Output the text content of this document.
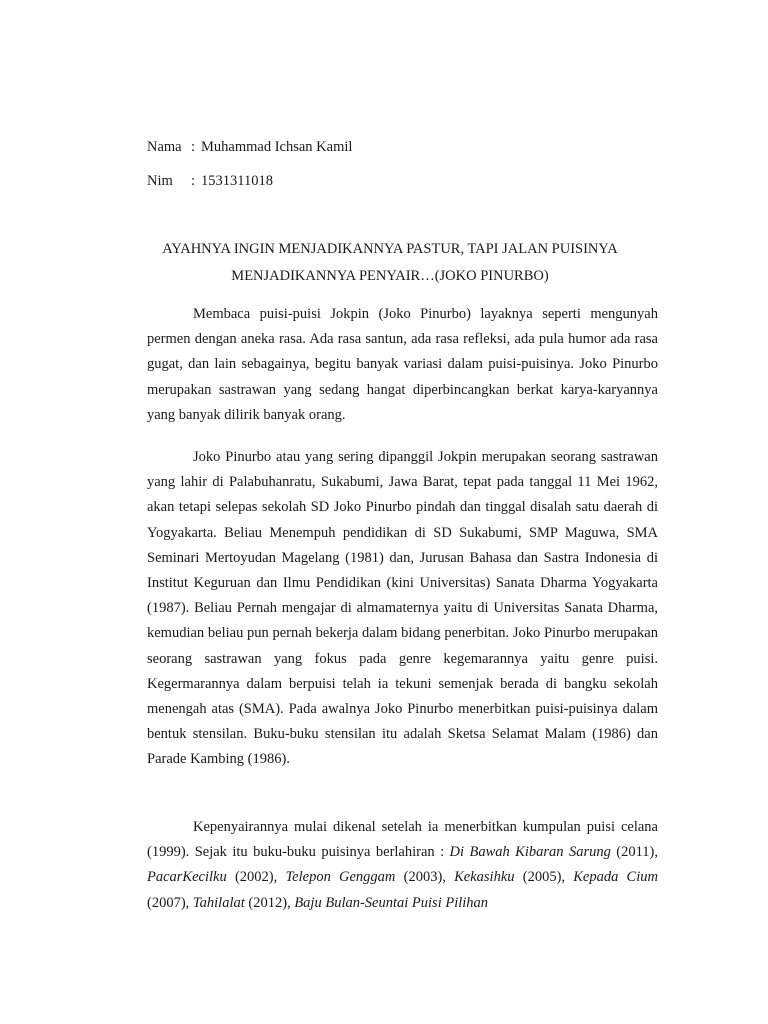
Nama : Muhammad Ichsan Kamil

Nim : 1531311018

AYAHNYA INGIN MENJADIKANNYA PASTUR, TAPI JALAN PUISINYA
MENJADIKANNYA PENYAIR…(JOKO PINURBO)

Membaca puisi-puisi Jokpin (Joko Pinurbo) layaknya seperti mengunyah permen dengan aneka rasa. Ada rasa santun, ada rasa refleksi, ada pula humor ada rasa gugat, dan lain sebagainya, begitu banyak variasi dalam puisi-puisinya. Joko Pinurbo merupakan sastrawan yang sedang hangat diperbincangkan berkat karya-karyannya yang banyak dilirik banyak orang.

Joko Pinurbo atau yang sering dipanggil Jokpin merupakan seorang sastrawan yang lahir di Palabuhanratu, Sukabumi, Jawa Barat, tepat pada tanggal 11 Mei 1962, akan tetapi selepas sekolah SD Joko Pinurbo pindah dan tinggal disalah satu daerah di Yogyakarta. Beliau Menempuh pendidikan di SD Sukabumi, SMP Maguwa, SMA Seminari Mertoyudan Magelang (1981) dan, Jurusan Bahasa dan Sastra Indonesia di Institut Keguruan dan Ilmu Pendidikan (kini Universitas) Sanata Dharma Yogyakarta (1987). Beliau Pernah mengajar di almamaternya yaitu di Universitas Sanata Dharma, kemudian beliau pun pernah bekerja dalam bidang penerbitan. Joko Pinurbo merupakan seorang sastrawan yang fokus pada genre kegemarannya yaitu genre puisi. Kegermarannya dalam berpuisi telah ia tekuni semenjak berada di bangku sekolah menengah atas (SMA). Pada awalnya Joko Pinurbo menerbitkan puisi-puisinya dalam bentuk stensilan. Buku-buku stensilan itu adalah Sketsa Selamat Malam (1986) dan Parade Kambing (1986).

Kepenyairannya mulai dikenal setelah ia menerbitkan kumpulan puisi celana (1999). Sejak itu buku-buku puisinya berlahiran : Di Bawah Kibaran Sarung (2011), PacarKecilku (2002), Telepon Genggam (2003), Kekasihku (2005), Kepada Cium (2007), Tahilalat (2012), Baju Bulan-Seuntai Puisi Pilihan
